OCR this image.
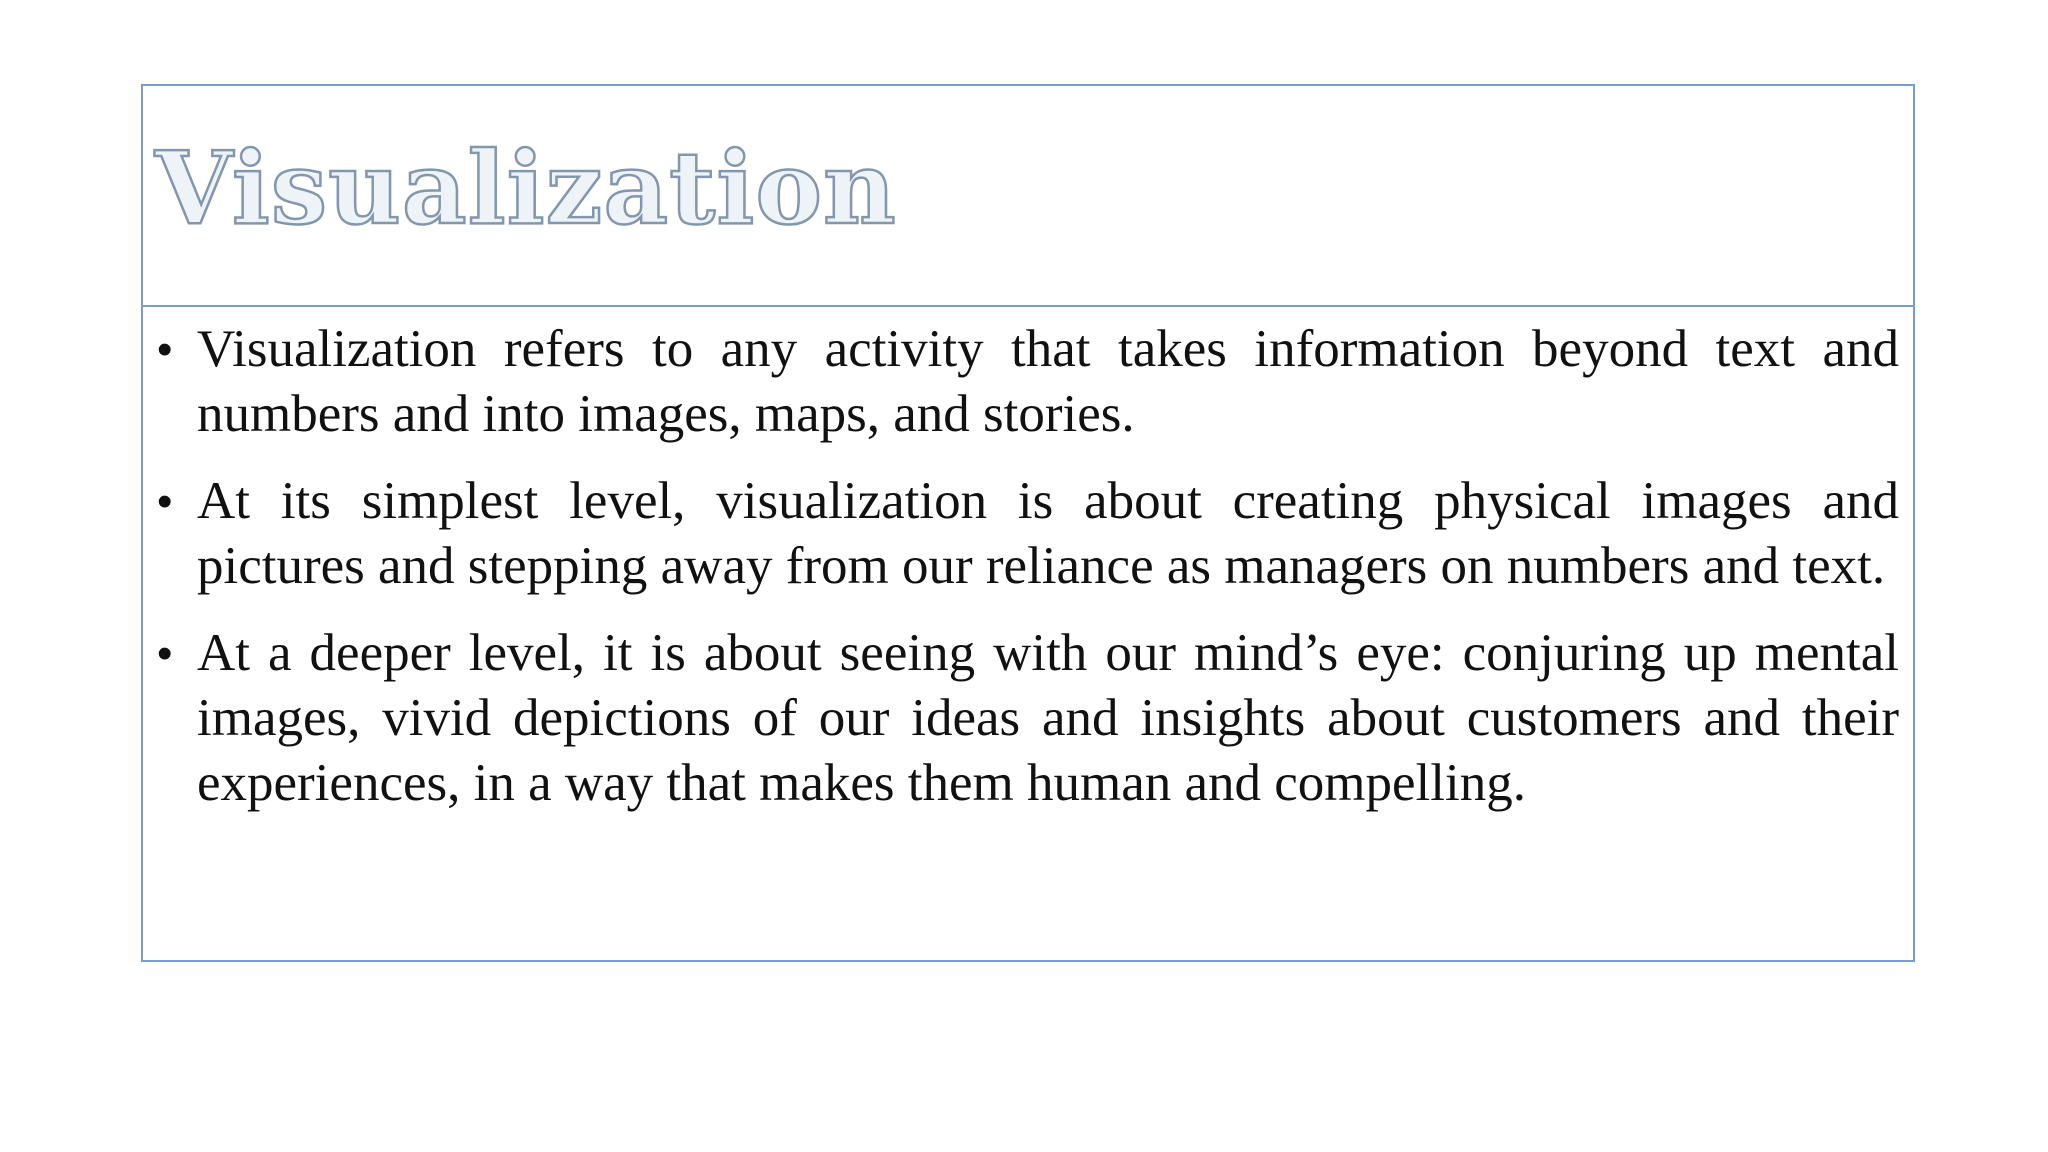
Visualization
• Visualization refers to any activity that takes information beyond text and numbers and into images, maps, and stories.
• At its simplest level, visualization is about creating physical images and pictures and stepping away from our reliance as managers on numbers and text.
• At a deeper level, it is about seeing with our mind’s eye: conjuring up mental images, vivid depictions of our ideas and insights about customers and their experiences, in a way that makes them human and compelling.
